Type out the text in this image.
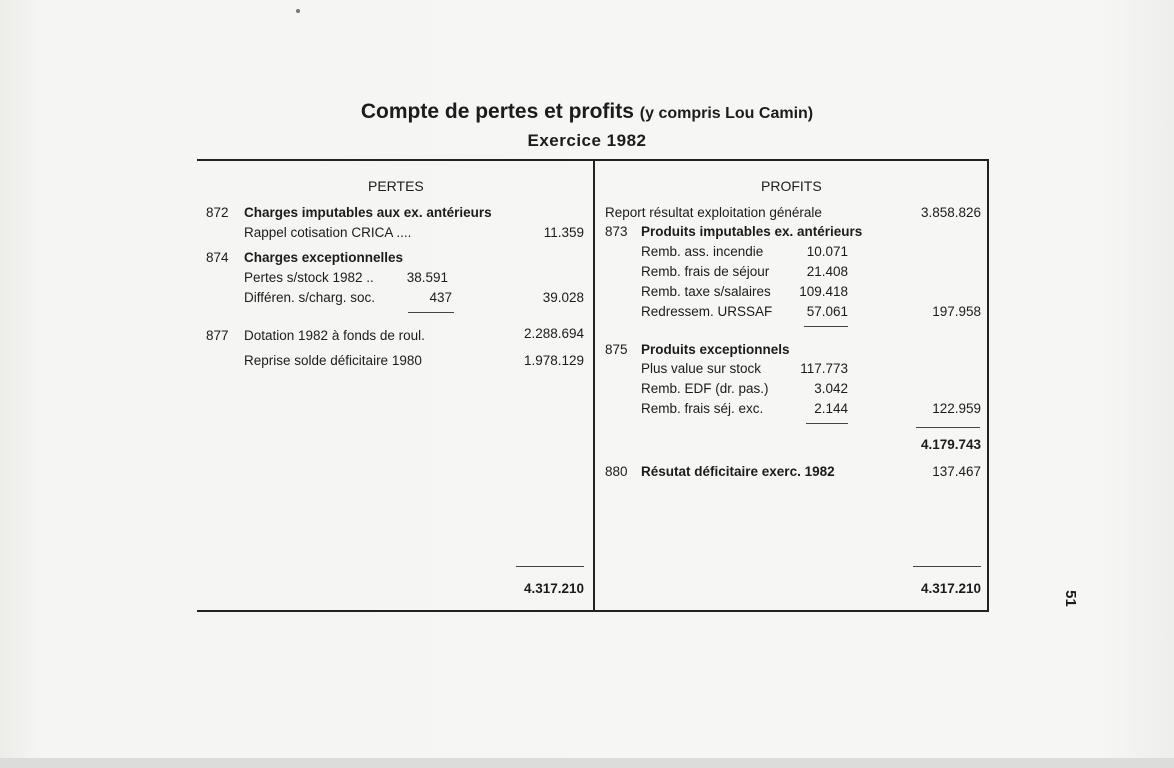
Compte de pertes et profits (y compris Lou Camin)
Exercice 1982
PERTES
872 Charges imputables aux ex. antérieurs
Rappel cotisation CRICA ....	11.359
874 Charges exceptionnelles
Pertes s/stock 1982 ..	38.591
Différen. s/charg. soc.	437	39.028
877 Dotation 1982 à fonds de roul.	2.288.694
Reprise solde déficitaire 1980	1.978.129
4.317.210
PROFITS
Report résultat exploitation générale	3.858.826
873 Produits imputables ex. antérieurs
Remb. ass. incendie	10.071
Remb. frais de séjour	21.408
Remb. taxe s/salaires	109.418
Redressem. URSSAF	57.061	197.958
875 Produits exceptionnels
Plus value sur stock	117.773
Remb. EDF (dr. pas.)	3.042
Remb. frais séj. exc.	2.144	122.959
4.179.743
880 Résutat déficitaire exerc. 1982	137.467
4.317.210
51
